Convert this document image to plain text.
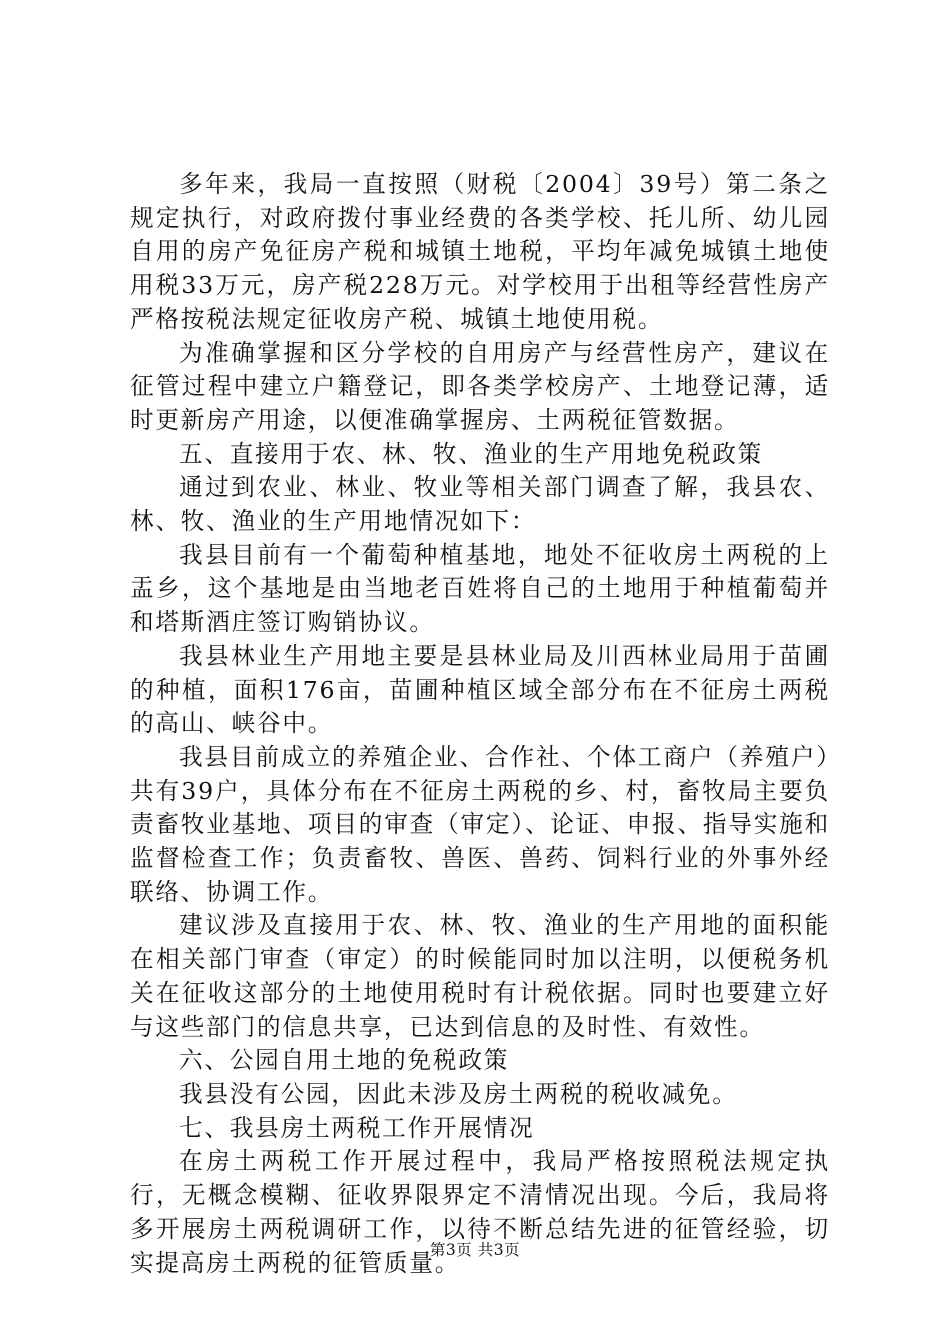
多年来，我局一直按照（财税〔2004〕39号）第二条之规定执行，对政府拨付事业经费的各类学校、托儿所、幼儿园自用的房产免征房产税和城镇土地税，平均年减免城镇土地使用税33万元，房产税228万元。对学校用于出租等经营性房产严格按税法规定征收房产税、城镇土地使用税。

为准确掌握和区分学校的自用房产与经营性房产，建议在征管过程中建立户籍登记，即各类学校房产、土地登记薄，适时更新房产用途，以便准确掌握房、土两税征管数据。

五、直接用于农、林、牧、渔业的生产用地免税政策

通过到农业、林业、牧业等相关部门调查了解，我县农、林、牧、渔业的生产用地情况如下：

我县目前有一个葡萄种植基地，地处不征收房土两税的上盂乡，这个基地是由当地老百姓将自己的土地用于种植葡萄并和塔斯酒庄签订购销协议。

我县林业生产用地主要是县林业局及川西林业局用于苗圃的种植，面积176亩，苗圃种植区域全部分布在不征房土两税的高山、峡谷中。

我县目前成立的养殖企业、合作社、个体工商户（养殖户）共有39户，具体分布在不征房土两税的乡、村，畜牧局主要负责畜牧业基地、项目的审查（审定）、论证、申报、指导实施和监督检查工作；负责畜牧、兽医、兽药、饲料行业的外事外经联络、协调工作。

建议涉及直接用于农、林、牧、渔业的生产用地的面积能在相关部门审查（审定）的时候能同时加以注明，以便税务机关在征收这部分的土地使用税时有计税依据。同时也要建立好与这些部门的信息共享，已达到信息的及时性、有效性。

六、公园自用土地的免税政策

我县没有公园，因此未涉及房土两税的税收减免。

七、我县房土两税工作开展情况

在房土两税工作开展过程中，我局严格按照税法规定执行，无概念模糊、征收界限界定不清情况出现。今后，我局将多开展房土两税调研工作，以待不断总结先进的征管经验，切实提高房土两税的征管质量。

第3页 共3页
